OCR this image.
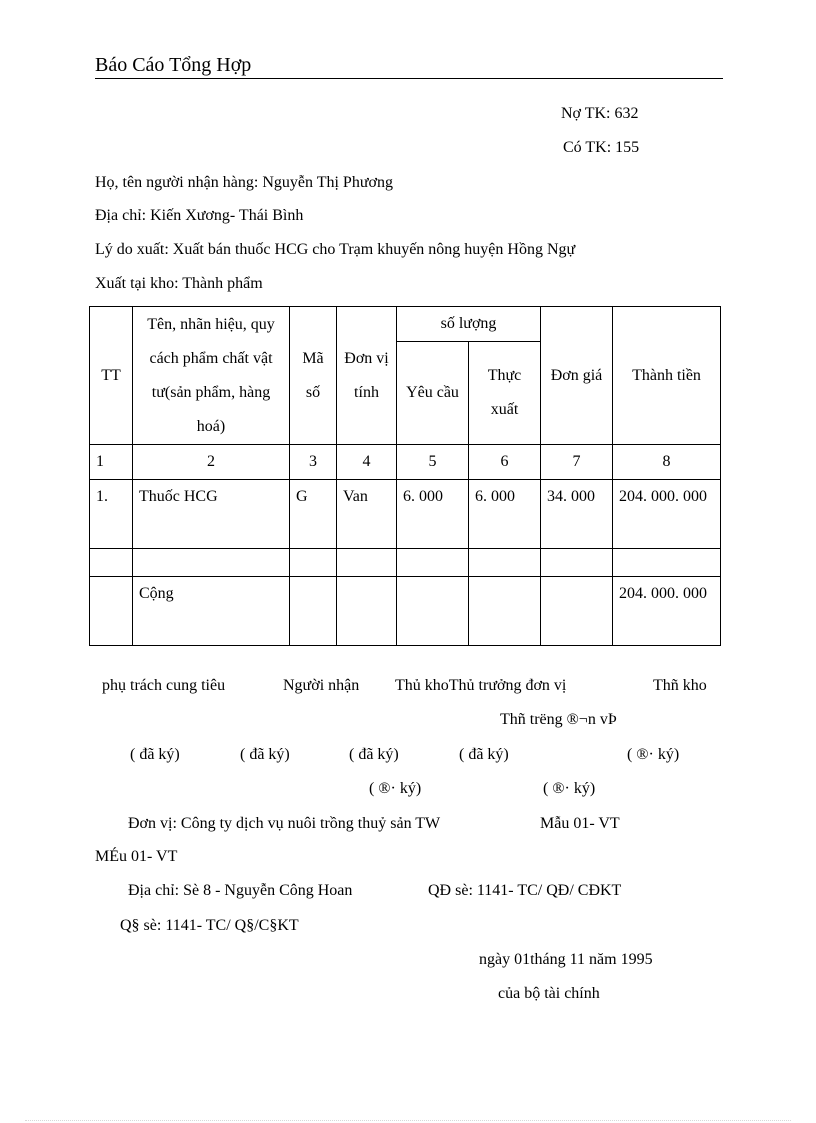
Báo Cáo Tổng Hợp
Nợ TK: 632
Có TK: 155
Họ, tên người nhận hàng: Nguyễn Thị Phương
Địa chỉ: Kiến Xương- Thái Bình
Lý do xuất: Xuất bán thuốc HCG cho Trạm khuyến nông huyện Hồng Ngự
Xuất tại kho: Thành phẩm
TT	Tên, nhãn hiệu, quy cách phẩm chất vật tư(sản phẩm, hàng hoá)	Mã số	Đơn vị tính	số lượng		Đơn giá	Thành tiền
				Yêu cầu	Thực xuất		
1	2	3	4	5	6	7	8
1.	Thuốc HCG	G	Van	6. 000	6. 000	34. 000	204. 000. 000

	Cộng						204. 000. 000
phụ trách cung tiêu	Người nhận Thủ khoThủ trưởng đơn vị	Thñ kho
Thñ trëng ®¬n vÞ
( đã ký)	( đã ký)	( đã ký)	( đã ký)	( ®· ký)
( ®· ký)	( ®· ký)
Đơn vị: Công ty dịch vụ nuôi trồng thuỷ sản TW	Mẫu 01- VT
MÉu 01- VT
Địa chỉ: Sè 8 - Nguyễn Công Hoan	QĐ sè: 1141- TC/ QĐ/ CĐKT
Q§ sè: 1141- TC/ Q§/C§KT
ngày 01tháng 11 năm 1995
của bộ tài chính
